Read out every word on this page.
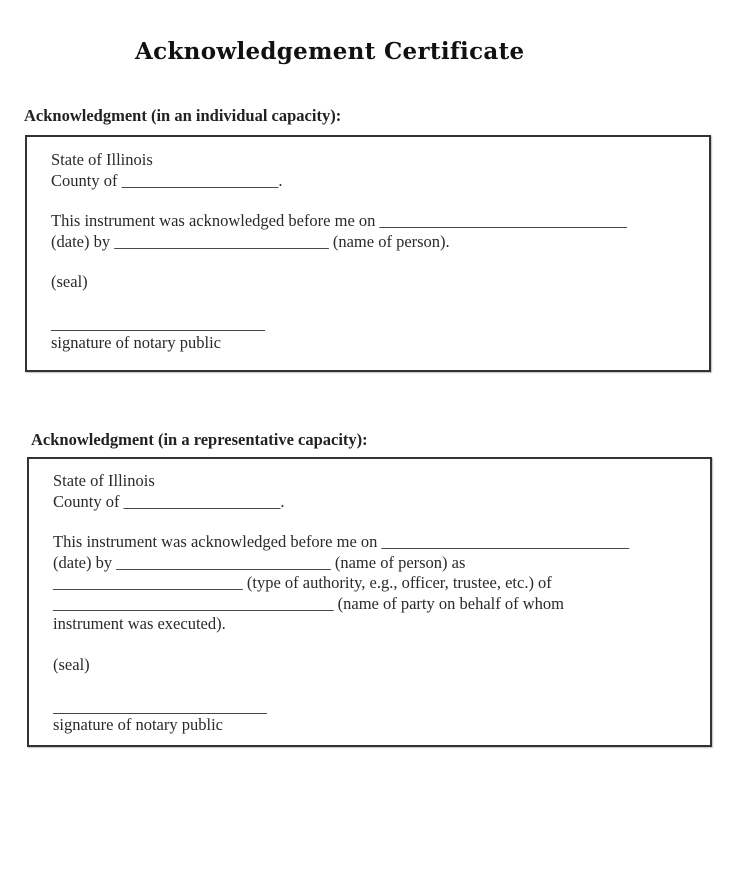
Acknowledgement Certificate
Acknowledgment (in an individual capacity):
State of Illinois
County of ___________________.
This instrument was acknowledged before me on ______________________________
(date) by __________________________ (name of person).
(seal)
signature of notary public
Acknowledgment (in a representative capacity):
State of Illinois
County of ___________________.
This instrument was acknowledged before me on ______________________________
(date) by __________________________ (name of person) as
_______________________ (type of authority, e.g., officer, trustee, etc.) of
__________________________________ (name of party on behalf of whom
instrument was executed).
(seal)
signature of notary public
